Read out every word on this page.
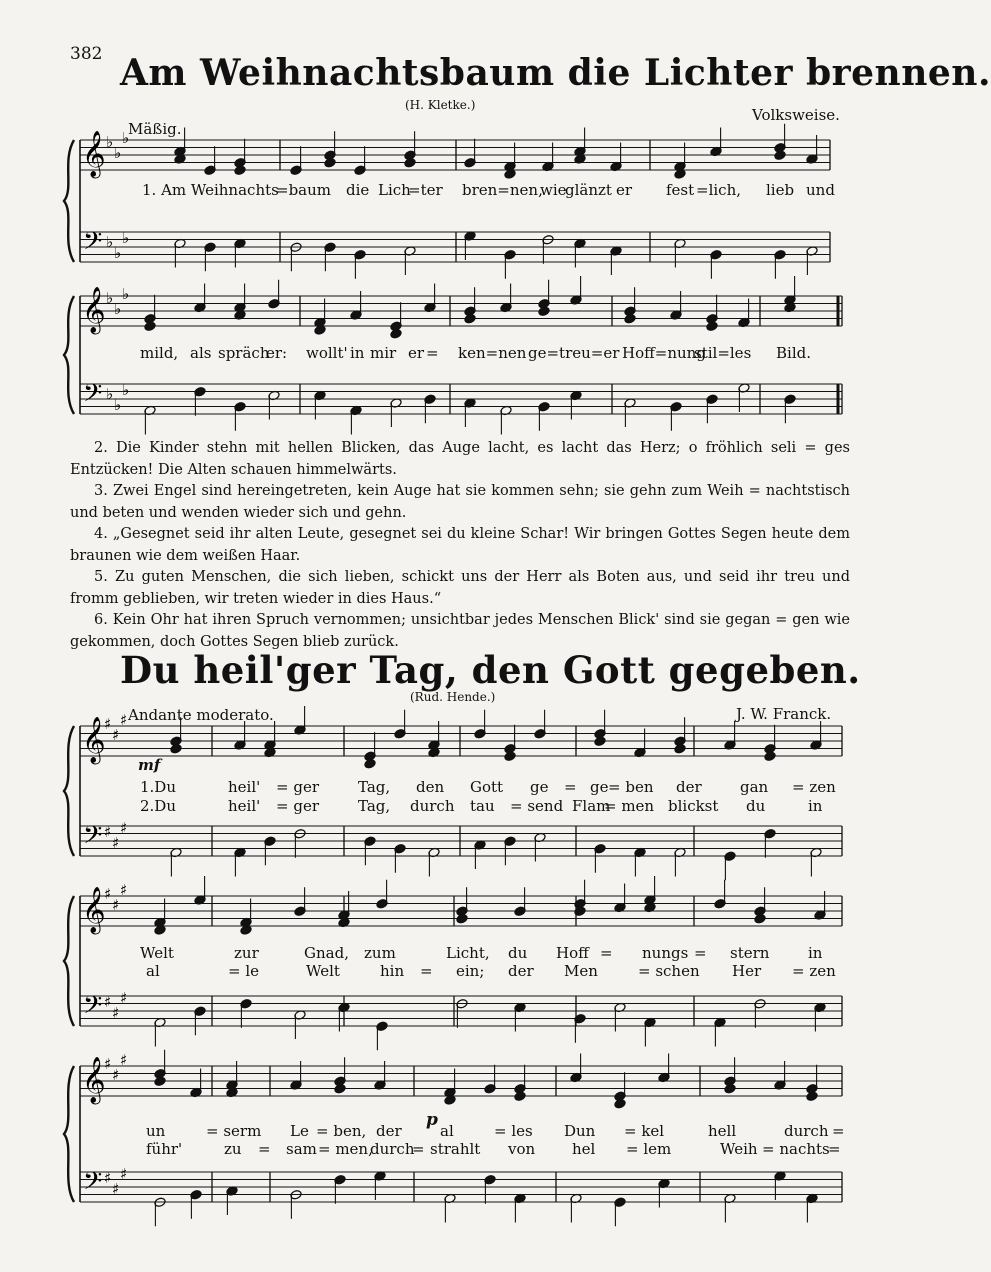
𝄞
𝄢
♭
♭
♭
♭
♭
♭
𝄞
𝄢
♭
♭
♭
♭
♭
♭
𝄞
𝄢
♯
♯
♯
♯
♯
♯
𝄞
𝄢
♯
♯
♯
♯
♯
♯
𝄞
𝄢
♯
♯
♯
♯
♯
♯
382 Am Weihnachtsbaum die Lichter brennen.
(H. Kletke.)
Volksweise.
Mäßig.
1. Am Weihnachts
=baum die Lich
=ter bren=nen,
wie
glänzt er fest =lich, lieb und
mild, als spräch
er: wollt' in mir er = ken=nen ge=treu=er Hoff=nung
stil=les Bild.

2. Die Kinder stehn mit hellen Blicken, das Auge lacht, es lacht das Herz; o fröhlich seli = ges Entzücken! Die Alten schauen himmelwärts.

3. Zwei Engel sind hereingetreten, kein Auge hat sie kommen sehn; sie gehn zum Weih = nachtstisch und beten und wenden wieder sich und gehn.

4. „Gesegnet seid ihr alten Leute, gesegnet sei du kleine Schar! Wir bringen Gottes Segen heute dem braunen wie dem weißen Haar.

5. Zu guten Menschen, die sich lieben, schickt uns der Herr als Boten aus, und seid ihr treu und fromm geblieben, wir treten wieder in dies Haus.“

6. Kein Ohr hat ihren Spruch vernommen; unsichtbar jedes Menschen Blick' sind sie gegan = gen wie gekommen, doch Gottes Segen blieb zurück.

Du heil'ger Tag, den Gott gegeben.
(Rud. Hende.)
Andante moderato.	J. W. Franck.
mf
p
1.Du	heil' = ger	Tag, den Gott ge = ge = ben der	gan = zen
2.Du	heil' = ger	Tag, durch tau = send Flam
= men blickst du	in
Welt	zur	Gnad, zum	Licht, du Hoff = nungs = stern	in
al	= le	Welt	hin = ein; der Men	= schen Her = zen
un	= serm Le = ben, der	al	= les Dun = kel	hell	durch =
führ'	zu = sam = men,
durch
= strahlt von hel = lem	Weih = nachts
=
